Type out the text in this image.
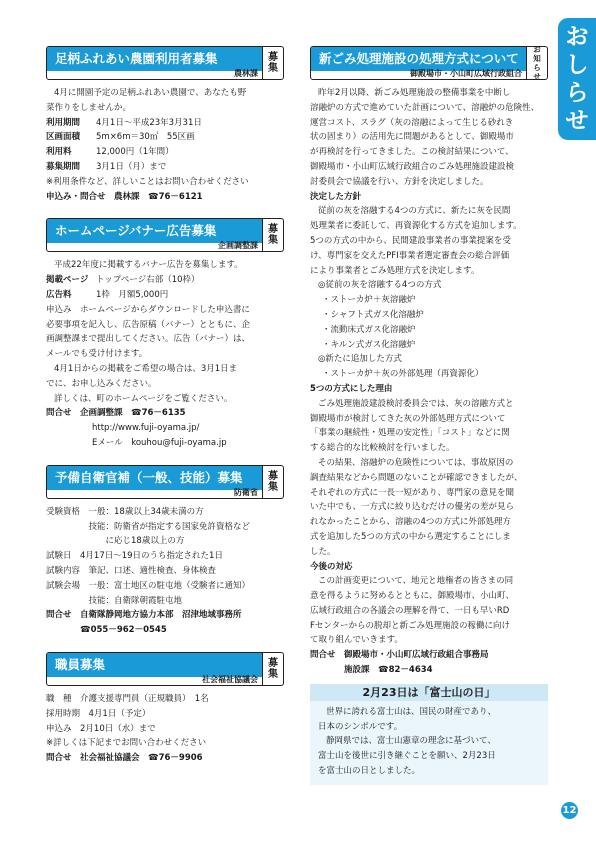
お
し
ら
せ
足柄ふれあい農園利用者募集
農林課
募
集

4月に開園予定の足柄ふれあい農園で、あなたも野

菜作りをしませんか。

利用期間	4月1日～平成23年3月31日
区画面積	5m×6m＝30㎡　55区画
利用料	12,000円（1年間）
募集期間	3月1日（月）まで

※利用条件など、詳しいことはお問い合わせください

申込み・問合せ　農林課　☎76－6121

ホームページバナー広告募集
企画調整課
募
集

平成22年度に掲載するバナー広告を募集します。

掲載ページ トップページ右部（10枠）
広告料	1枠　月額5,000円

申込み　ホームページからダウンロードした申込書に

必要事項を記入し、広告原稿（バナー）とともに、企

画調整課まで提出してください。広告（バナー）は、

メールでも受け付けます。

4月1日からの掲載をご希望の場合は、3月1日ま

でに、お申し込みください。

詳しくは、町のホームページをご覧ください。

問合せ　企画調整課　☎76－6135

http://www.fuji-oyama.jp/

Eメール　kouhou@fuji-oyama.jp

予備自衛官補（一般、技能）募集
防衛省
募
集

受験資格　一般：18歳以上34歳未満の方

　　　　　技能：防衛省が指定する国家免許資格など

　　　　　　　に応じ18歳以上の方

試験日　4月17日～19日のうち指定された1日

試験内容　筆記、口述、適性検査、身体検査

試験会場　一般：富士地区の駐屯地（受験者に通知）

　　　　　技能：自衛隊朝霞駐屯地

問合せ　自衛隊静岡地方協力本部　沼津地域事務所

　　　　☎055－962－0545

職員募集
社会福祉協議会
募
集

職　種　介護支援専門員（正規職員）　1名

採用時期　4月1日（予定）

申込み　2月10日（水）まで

※詳しくは下記までお問い合わせください

問合せ　社会福祉協議会　☎76－9906

新ごみ処理施設の処理方式について
御殿場市・小山町広域行政組合
お
知
ら
せ

昨年2月以降、新ごみ処理施設の整備事業を中断し

溶融炉の方式で進めていた計画について、溶融炉の危険性、

運営コスト、スラグ（灰の溶融によって生じる砂れき

状の固まり）の活用先に問題があるとして、御殿場市

が再検討を行ってきました。この検討結果について、

御殿場市・小山町広域行政組合のごみ処理施設建設検

討委員会で協議を行い、方針を決定しました。

決定した方針

従前の灰を溶融する4つの方式に、新たに灰を民間

処理業者に委託して、再資源化する方式を追加します。

5つの方式の中から、民間建設事業者の事業提案を受

け、専門家を交えたPFI事業者選定審査会の総合評価

により事業者とごみ処理方式を決定します。

◎従前の灰を溶融する4つの方式

・ストーカ炉＋灰溶融炉

・シャフト式ガス化溶融炉

・流動床式ガス化溶融炉

・キルン式ガス化溶融炉

◎新たに追加した方式

・ストーカ炉＋灰の外部処理（再資源化）

5つの方式にした理由

ごみ処理施設建設検討委員会では、灰の溶融方式と

御殿場市が検討してきた灰の外部処理方式について

「事業の継続性・処理の安定性」「コスト」などに関

する総合的な比較検討を行いました。

その結果、溶融炉の危険性については、事故原因の

調査結果などから問題のないことが確認できましたが、

それぞれの方式に一長一短があり、専門家の意見を聞

いた中でも、一方式に絞り込むだけの優劣の差が見ら

れなかったことから、溶融の4つの方式に外部処理方

式を追加した5つの方式の中から選定することにしま

した。

今後の対応

この計画変更について、地元と地権者の皆さまの同

意を得るように努めるとともに、御殿場市、小山町、

広域行政組合の各議会の理解を得て、一日も早いRD

Fセンターからの脱却と新ごみ処理施設の稼働に向け

て取り組んでいきます。

問合せ　御殿場市・小山町広域行政組合事務局

　　　　施設課　☎82－4634

2月23日は「富士山の日」

世界に誇れる富士山は、国民の財産であり、

日本のシンボルです。

静岡県では、富士山憲章の理念に基づいて、

富士山を後世に引き継ぐことを願い、2月23日

を富士山の日としました。

12
